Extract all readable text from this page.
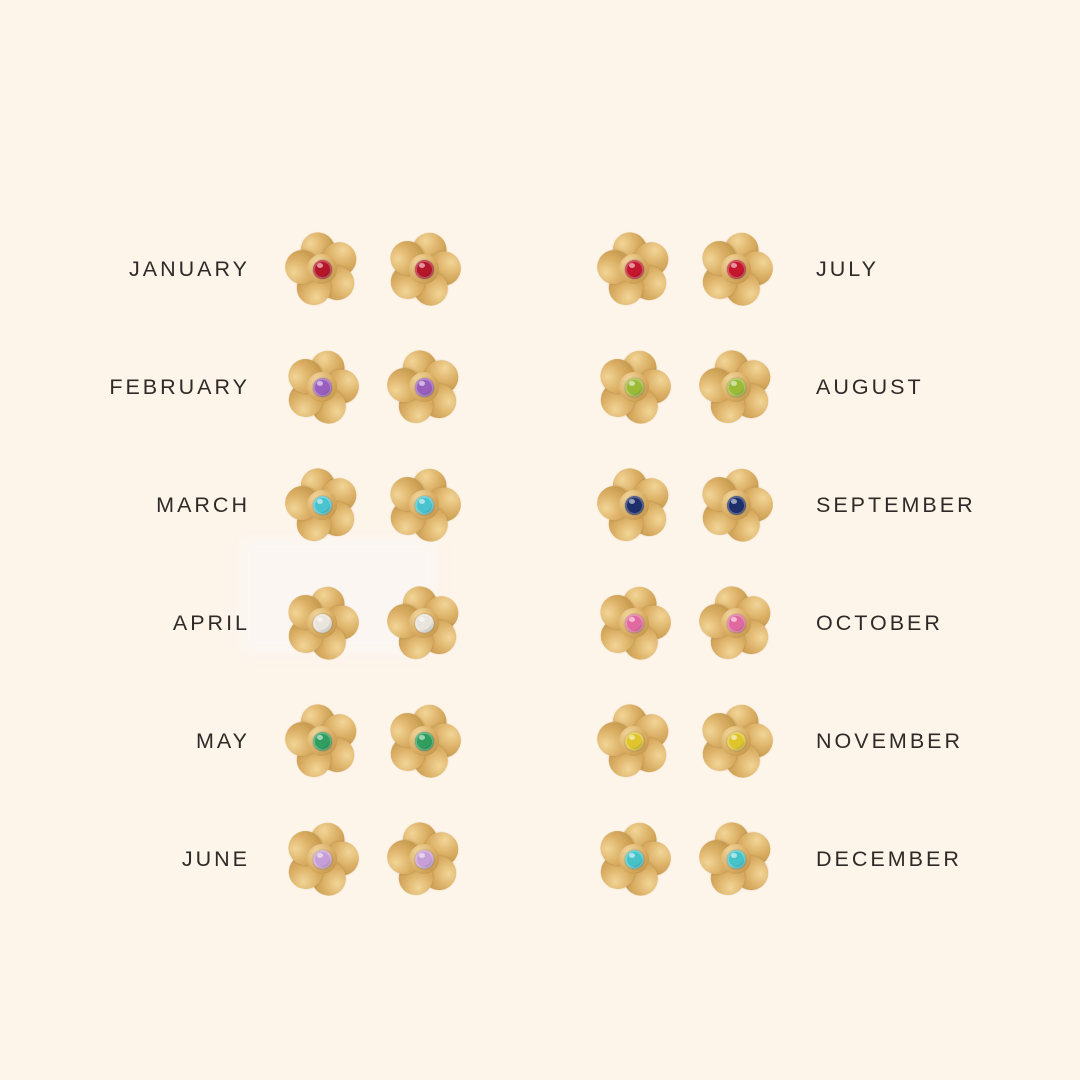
JANUARY
FEBRUARY
MARCH
APRIL
MAY
JUNE
JULY
AUGUST
SEPTEMBER
OCTOBER
NOVEMBER
DECEMBER
